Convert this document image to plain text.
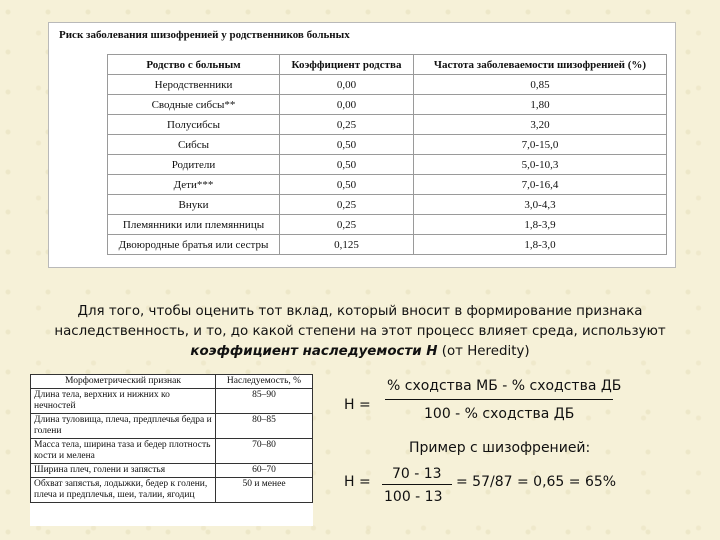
Риск заболевания шизофренией у родственников больных
Родство с больным	Коэффициент родства	Частота заболеваемости шизофренией (%)
Неродственники	0,00	0,85
Сводные сибсы**	0,00	1,80
Полусибсы	0,25	3,20
Сибсы	0,50	7,0-15,0
Родители	0,50	5,0-10,3
Дети***	0,50	7,0-16,4
Внуки	0,25	3,0-4,3
Племянники или племянницы	0,25	1,8-3,9
Двоюродные братья или сестры	0,125	1,8-3,0
Для того, чтобы оценить тот вклад, который вносит в формирование признака
наследственность, и то, до какой степени на этот процесс влияет среда, используют
коэффициент наследуемости Н (от Heredity)
Морфометрический признак	Наследуемость, %
Длина тела, верхних и нижних ко нечностей	85–90
Длина туловища, плеча, предплечья бедра и голени	80–85
Масса тела, ширина таза и бедер плотность кости и мелена	70–80
Ширина плеч, голени и запястья	60–70
Обхват запястья, лодыжки, бедер к голени, плеча и предплечья, шеи, талии, ягодиц	50 и менее
Н =
% сходства МБ - % сходства ДБ
100 - % сходства ДБ
Пример с шизофренией:
Н = 70 - 13 = 57/87 = 0,65 = 65%
100 - 13
